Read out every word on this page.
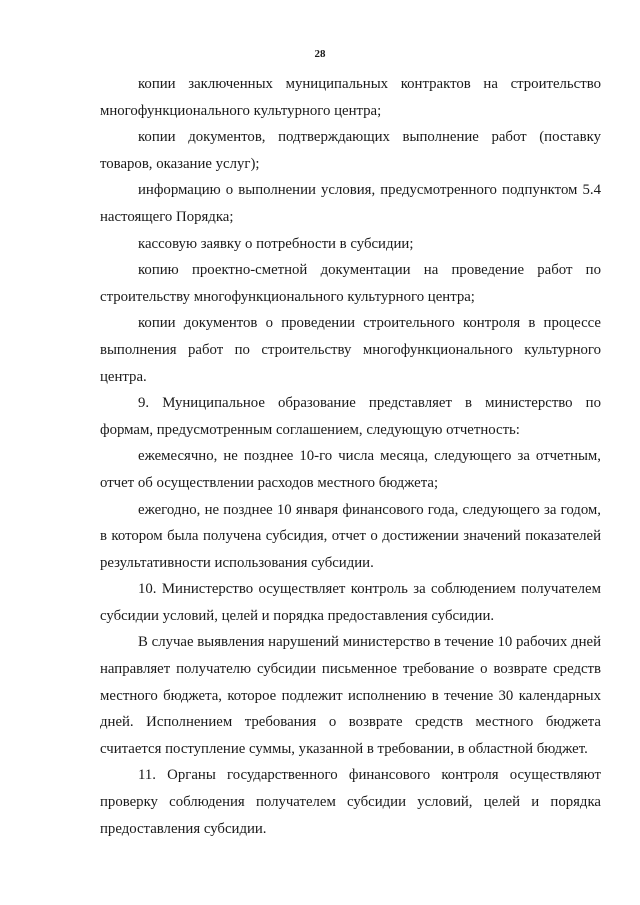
28

копии заключенных муниципальных контрактов на строительство многофункционального культурного центра;

копии документов, подтверждающих выполнение работ (поставку товаров, оказание услуг);

информацию о выполнении условия, предусмотренного подпунктом 5.4 настоящего Порядка;

кассовую заявку о потребности в субсидии;

копию проектно-сметной документации на проведение работ по строительству многофункционального культурного центра;

копии документов о проведении строительного контроля в процессе выполнения работ по строительству многофункционального культурного центра.

9. Муниципальное образование представляет в министерство по формам, предусмотренным соглашением, следующую отчетность:

ежемесячно, не позднее 10-го числа месяца, следующего за отчетным, отчет об осуществлении расходов местного бюджета;

ежегодно, не позднее 10 января финансового года, следующего за годом, в котором была получена субсидия, отчет о достижении значений показателей результативности использования субсидии.

10. Министерство осуществляет контроль за соблюдением получателем субсидии условий, целей и порядка предоставления субсидии.

В случае выявления нарушений министерство в течение 10 рабочих дней направляет получателю субсидии письменное требование о возврате средств местного бюджета, которое подлежит исполнению в течение 30 календарных дней. Исполнением требования о возврате средств местного бюджета считается поступление суммы, указанной в требовании, в областной бюджет.

11. Органы государственного финансового контроля осуществляют проверку соблюдения получателем субсидии условий, целей и порядка предоставления субсидии.
